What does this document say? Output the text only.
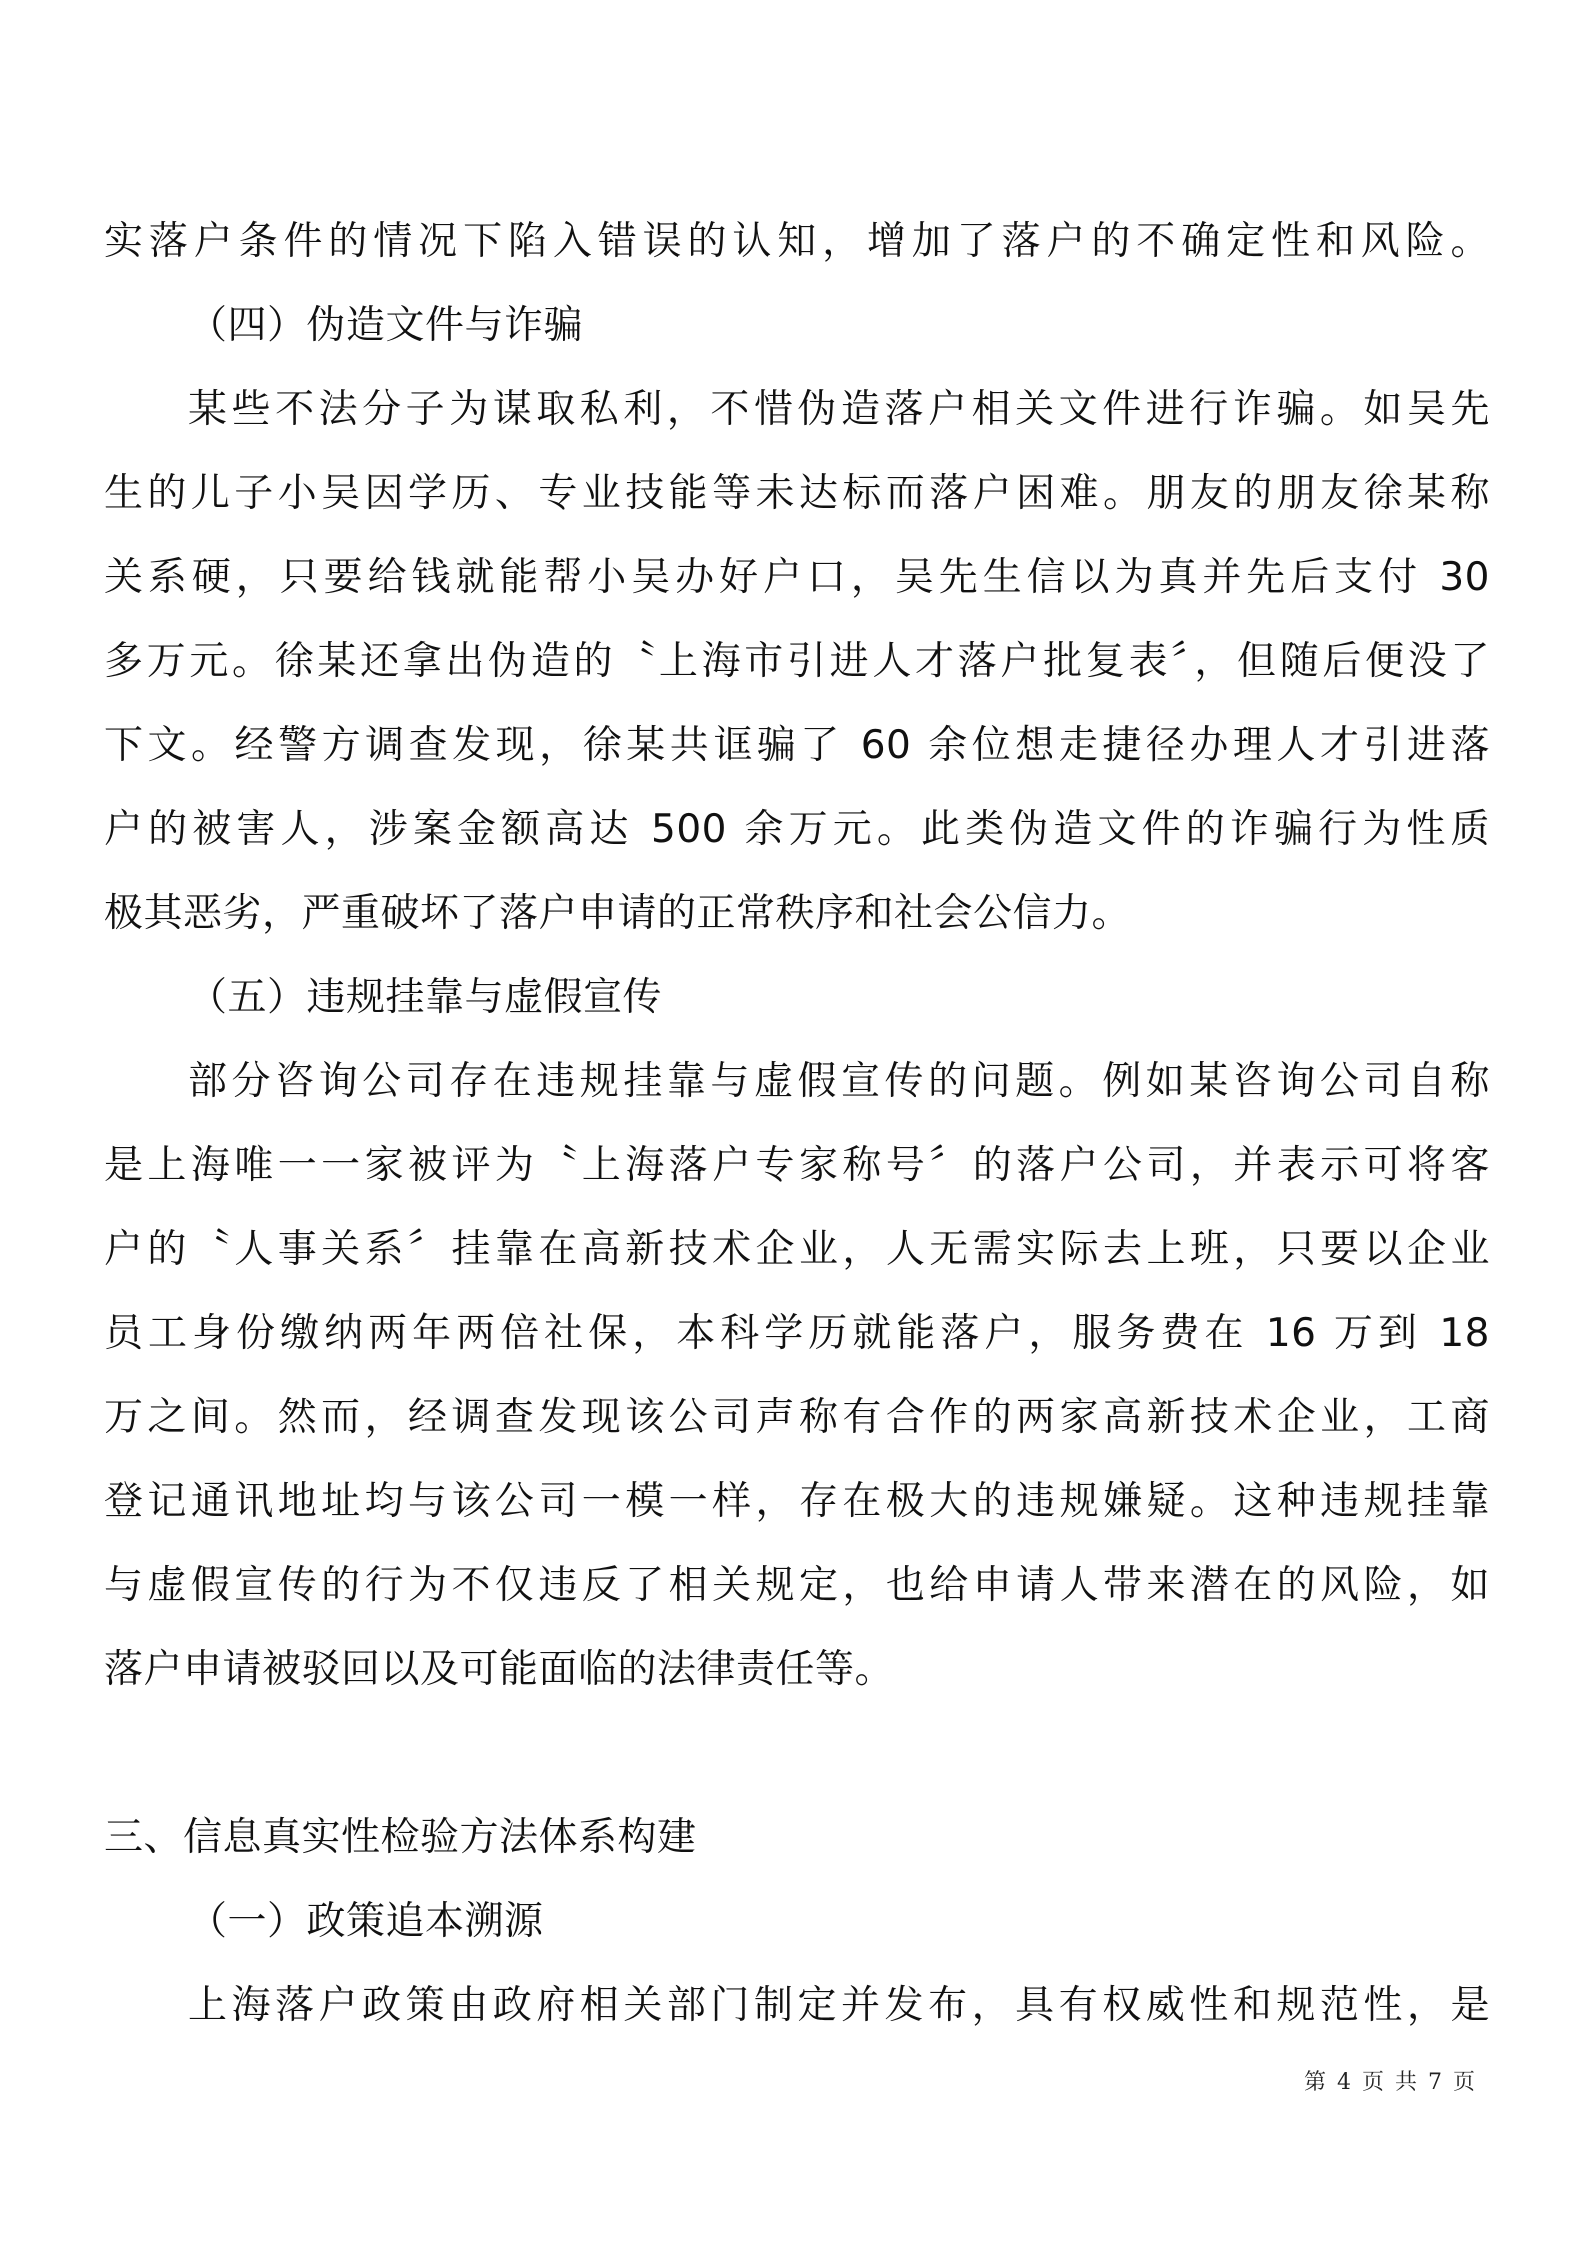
实落户条件的情况下陷入错误的认知，增加了落户的不确定性和风险。
（四）伪造文件与诈骗
某些不法分子为谋取私利，不惜伪造落户相关文件进行诈骗。如吴先
生的儿子小吴因学历、专业技能等未达标而落户困难。朋友的朋友徐某称
关系硬，只要给钱就能帮小吴办好户口，吴先生信以为真并先后支付 30
多万元。徐某还拿出伪造的〝上海市引进人才落户批复表〞，但随后便没了
下文。经警方调查发现，徐某共诓骗了 60 余位想走捷径办理人才引进落
户的被害人，涉案金额高达 500 余万元。此类伪造文件的诈骗行为性质
极其恶劣，严重破坏了落户申请的正常秩序和社会公信力。
（五）违规挂靠与虚假宣传
部分咨询公司存在违规挂靠与虚假宣传的问题。例如某咨询公司自称
是上海唯一一家被评为〝上海落户专家称号〞的落户公司，并表示可将客
户的〝人事关系〞挂靠在高新技术企业，人无需实际去上班，只要以企业
员工身份缴纳两年两倍社保，本科学历就能落户，服务费在 16 万到 18
万之间。然而，经调查发现该公司声称有合作的两家高新技术企业，工商
登记通讯地址均与该公司一模一样，存在极大的违规嫌疑。这种违规挂靠
与虚假宣传的行为不仅违反了相关规定，也给申请人带来潜在的风险，如
落户申请被驳回以及可能面临的法律责任等。
三、信息真实性检验方法体系构建
（一）政策追本溯源
上海落户政策由政府相关部门制定并发布，具有权威性和规范性，是
第 4 页 共 7 页
